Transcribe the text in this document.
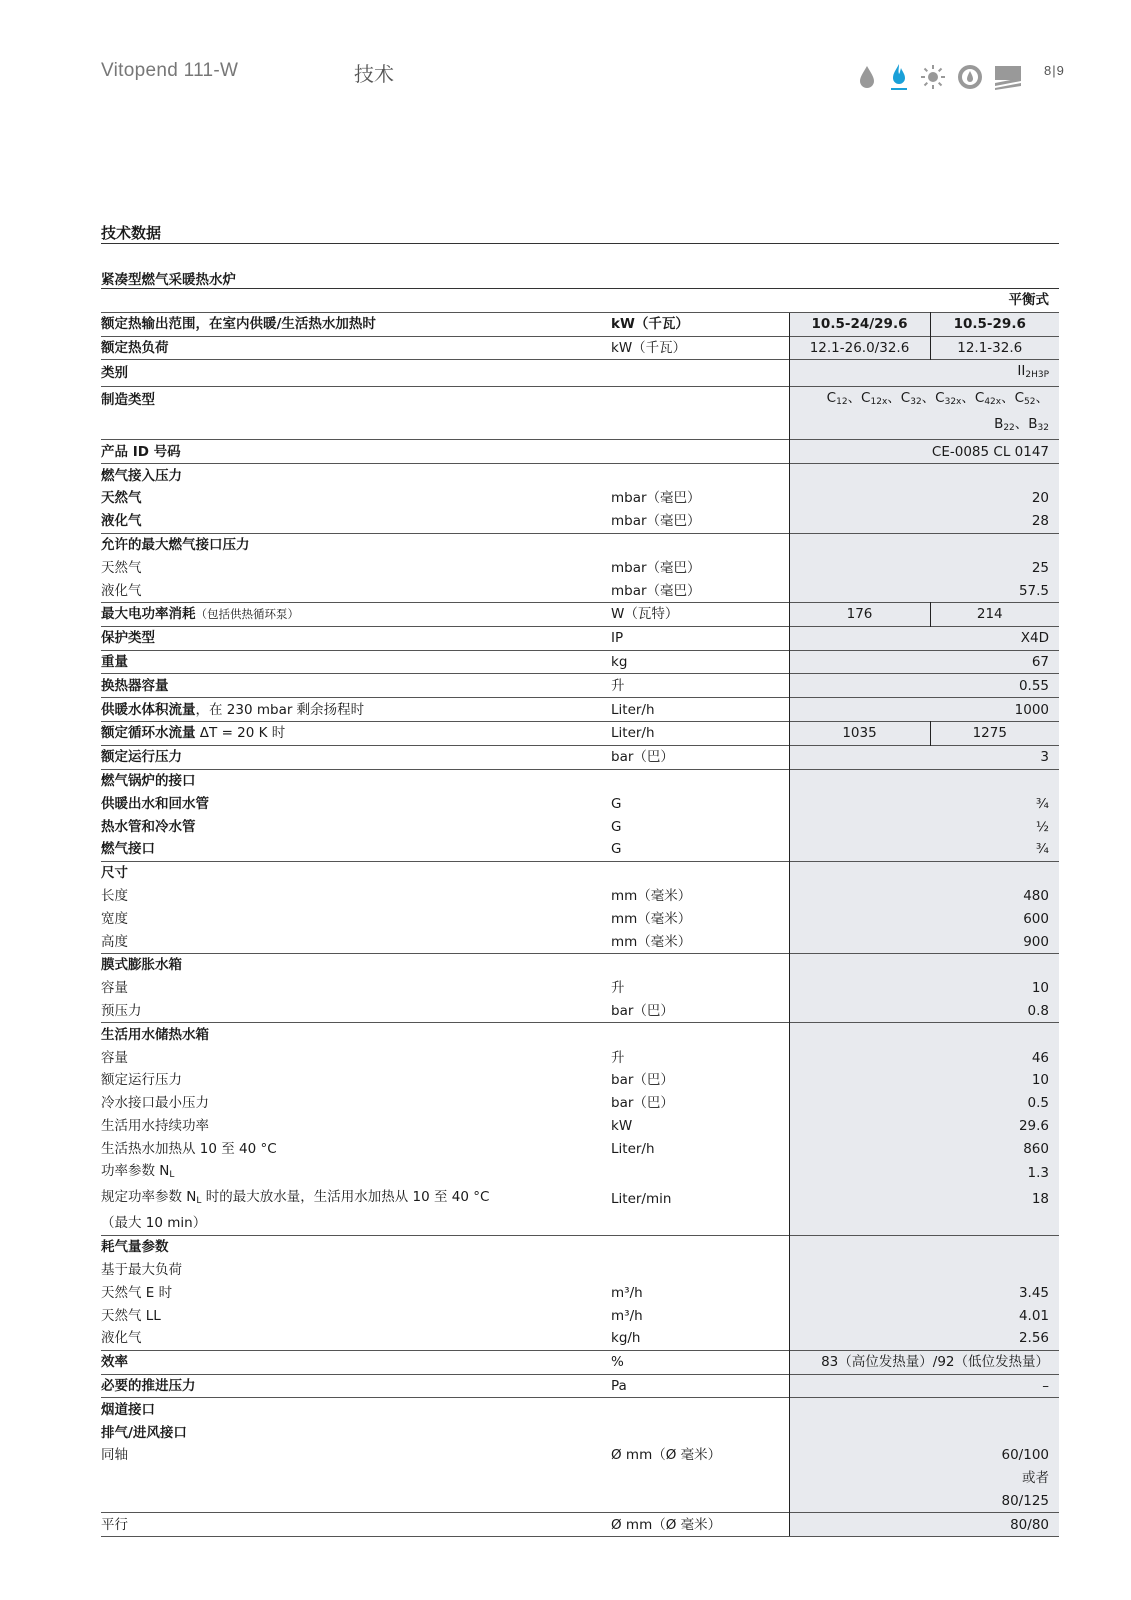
Vitopend 111-W	技术	8|9
技术数据
紧凑型燃气采暖热水炉
		平衡式	
额定热输出范围，在室内供暖/生活热水加热时	kW（千瓦）	10.5-24/29.6	10.5-29.6
额定热负荷	kW（千瓦）	12.1-26.0/32.6	12.1-32.6
类别		$II_{2H3P}$
制造类型		$C_{12}$、$C_{12x}$、$C_{32}$、$C_{32x}$、$C_{42x}$、$C_{52}$、	
		$B_{22}$、$B_{32}$
产品 ID 号码		CE-0085 CL 0147	
燃气接入压力			
天然气	mbar（毫巴）	20	
液化气	mbar（毫巴）	28	
允许的最大燃气接口压力			
天然气	mbar（毫巴）	25	
液化气	mbar（毫巴）	57.5	
最大电功率消耗（包括供热循环泵）	W（瓦特）	176	214
保护类型	IP	X4D	
重量	kg	67	
换热器容量	升	0.55	
供暖水体积流量，在 230 mbar 剩余扬程时	Liter/h	1000	
额定循环水流量 ΔT = 20 K 时	Liter/h	1035	1275
额定运行压力	bar（巴）	3	
燃气锅炉的接口			
供暖出水和回水管	G	¾	
热水管和冷水管	G	½	
燃气接口	G	¾	
尺寸			
长度	mm（毫米）	480	
宽度	mm（毫米）	600	
高度	mm（毫米）	900	
膜式膨胀水箱			
容量	升	10	
预压力	bar（巴）	0.8	
生活用水储热水箱			
容量	升	46	
额定运行压力	bar（巴）	10	
冷水接口最小压力	bar（巴）	0.5	
生活用水持续功率	kW	29.6	
生活热水加热从 10 至 40 °C	Liter/h	860	
功率参数 $N_L$		1.3	
规定功率参数 $N_L$ 时的最大放水量，生活用水加热从 10 至 40 °C	Liter/min	18	
（最大 10 min）			
耗气量参数			
基于最大负荷			
天然气 E 时	m³/h	3.45	
天然气 LL	m³/h	4.01	
液化气	kg/h	2.56	
效率	%	83（高位发热量）/92（低位发热量）	
必要的推进压力	Pa	–	
烟道接口			
排气/进风接口			
同轴	Ø mm（Ø 毫米）	60/100	
		或者	
		80/125	
平行	Ø mm（Ø 毫米）	80/80	
